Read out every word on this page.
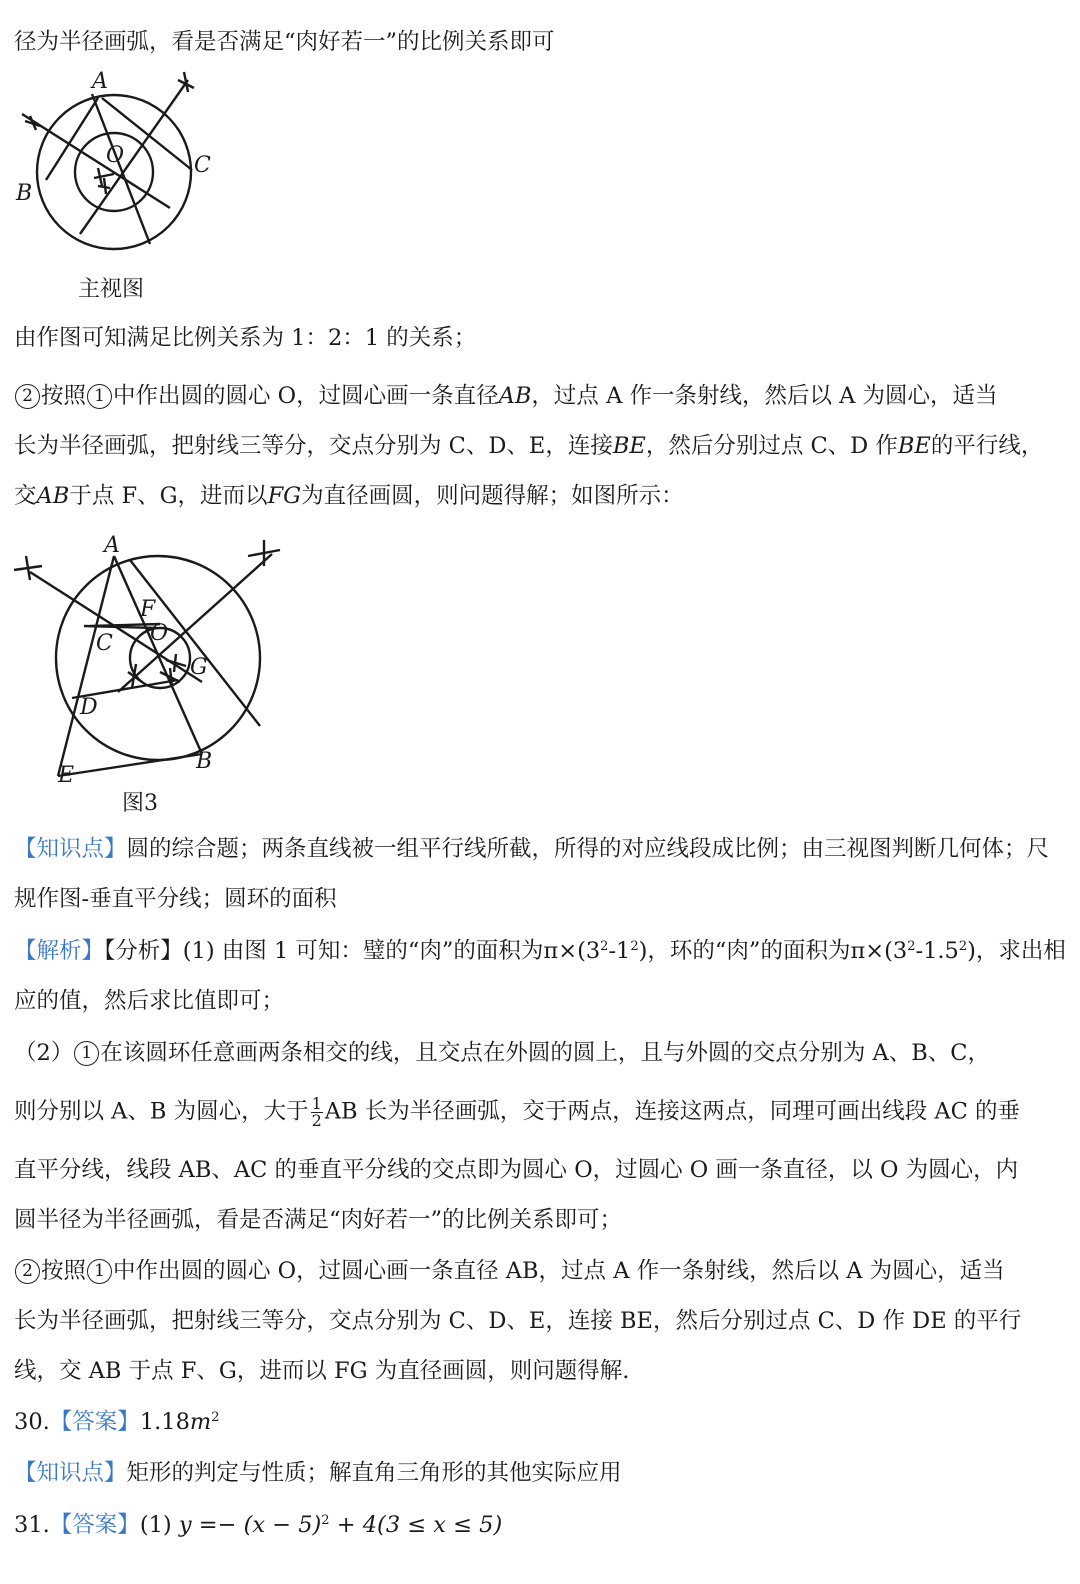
径为半径画弧，看是否满足“肉好若一”的比例关系即可
A
B
C
O
主视图
由作图可知满足比例关系为 1：2：1 的关系；
2 按照 1 中作出圆的圆心 O，过圆心画一条直径AB，过点 A 作一条射线，然后以 A 为圆心，适当
长为半径画弧，把射线三等分，交点分别为 C、D、E，连接BE，然后分别过点 C、D 作BE的平行线，
交AB于点 F、G，进而以FG为直径画圆，则问题得解；如图所示：
A
F
C O
G
D
B
E
图3
【知识点】圆的综合题；两条直线被一组平行线所截，所得的对应线段成比例；由三视图判断几何体；尺
规作图-垂直平分线；圆环的面积
【解析】【分析】(1) 由图 1 可知：璧的“肉”的面积为$\pi\times(3^2-1^2)$，环的“肉”的面积为$\pi\times(3^2-1.5^2)$，求出相
应的值，然后求比值即可；
（2） 1 在该圆环任意画两条相交的线，且交点在外圆的圆上，且与外圆的交点分别为 A、B、C，
则分别以 A、B 为圆心，大于 $\frac{1}{2}$ AB 长为半径画弧，交于两点，连接这两点，同理可画出线段 AC 的垂
直平分线，线段 AB、AC 的垂直平分线的交点即为圆心 O，过圆心 O 画一条直径，以 O 为圆心，内
圆半径为半径画弧，看是否满足“肉好若一”的比例关系即可；
2 按照 1 中作出圆的圆心 O，过圆心画一条直径 AB，过点 A 作一条射线，然后以 A 为圆心，适当
长为半径画弧，把射线三等分，交点分别为 C、D、E，连接 BE，然后分别过点 C、D 作 DE 的平行
线，交 AB 于点 F、G，进而以 FG 为直径画圆，则问题得解.
30.【答案】$1.18m^2$
【知识点】矩形的判定与性质；解直角三角形的其他实际应用
31.【答案】(1) $y =- (x - 5)^2 + 4(3 \le x \le 5)$
